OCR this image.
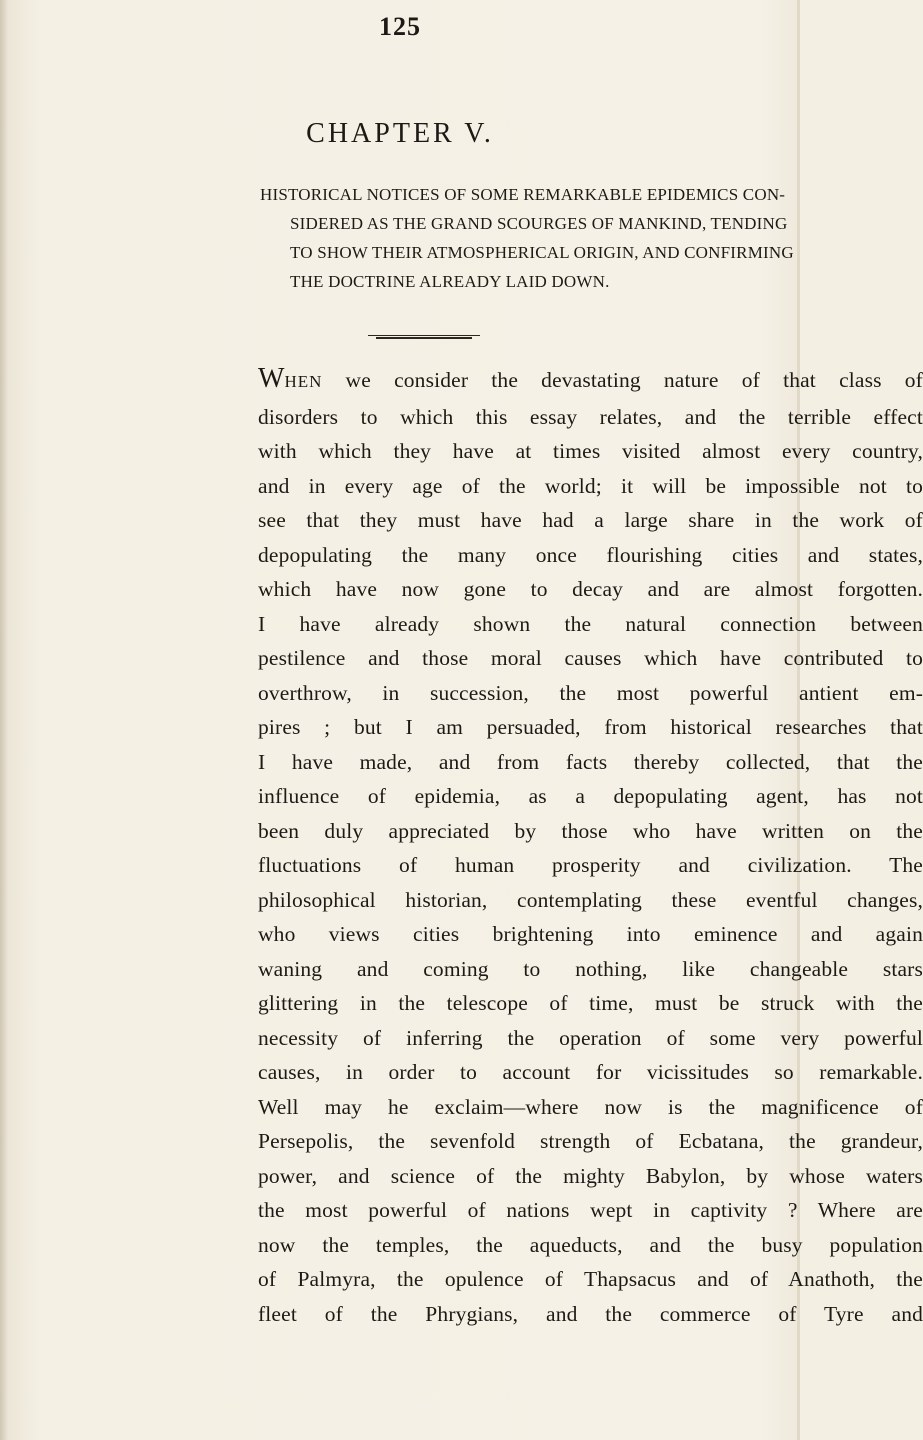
125
CHAPTER V.

HISTORICAL NOTICES OF SOME REMARKABLE EPIDEMICS CON-
SIDERED AS THE GRAND SCOURGES OF MANKIND, TENDING
TO SHOW THEIR ATMOSPHERICAL ORIGIN, AND CONFIRMING
THE DOCTRINE ALREADY LAID DOWN.

WHEN we consider the devastating nature of that class of
disorders to which this essay relates, and the terrible effect
with which they have at times visited almost every country,
and in every age of the world; it will be impossible not to
see that they must have had a large share in the work of
depopulating the many once flourishing cities and states,
which have now gone to decay and are almost forgotten.
I have already shown the natural connection between
pestilence and those moral causes which have contributed to
overthrow, in succession, the most powerful antient em-
pires ; but I am persuaded, from historical researches that
I have made, and from facts thereby collected, that the
influence of epidemia, as a depopulating agent, has not
been duly appreciated by those who have written on the
fluctuations of human prosperity and civilization. The
philosophical historian, contemplating these eventful changes,
who views cities brightening into eminence and again
waning and coming to nothing, like changeable stars
glittering in the telescope of time, must be struck with the
necessity of inferring the operation of some very powerful
causes, in order to account for vicissitudes so remarkable.
Well may he exclaim—where now is the magnificence of
Persepolis, the sevenfold strength of Ecbatana, the grandeur,
power, and science of the mighty Babylon, by whose waters
the most powerful of nations wept in captivity ? Where are
now the temples, the aqueducts, and the busy population
of Palmyra, the opulence of Thapsacus and of Anathoth, the
fleet of the Phrygians, and the commerce of Tyre and
